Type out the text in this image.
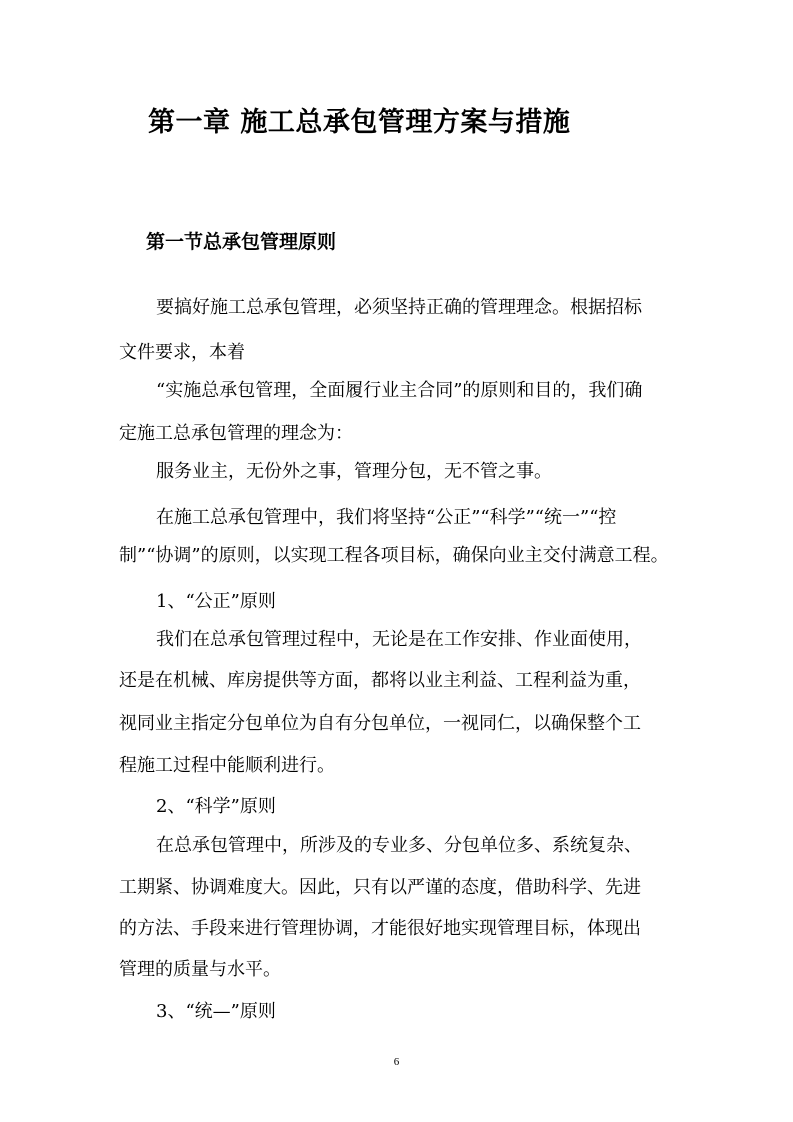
第一章 施工总承包管理方案与措施
第一节总承包管理原则

要搞好施工总承包管理，必须坚持正确的管理理念。根据招标

文件要求，本着

“实施总承包管理，全面履行业主合同”的原则和目的，我们确

定施工总承包管理的理念为：

服务业主，无份外之事，管理分包，无不管之事。

在施工总承包管理中，我们将坚持“公正”“科学”“统一”“控

制”“协调”的原则，以实现工程各项目标，确保向业主交付满意工程。

1、“公正”原则

我们在总承包管理过程中，无论是在工作安排、作业面使用，

还是在机械、库房提供等方面，都将以业主利益、工程利益为重，

视同业主指定分包单位为自有分包单位，一视同仁，以确保整个工

程施工过程中能顺利进行。

2、“科学”原则

在总承包管理中，所涉及的专业多、分包单位多、系统复杂、

工期紧、协调难度大。因此，只有以严谨的态度，借助科学、先进

的方法、手段来进行管理协调，才能很好地实现管理目标，体现出

管理的质量与水平。

3、“统—”原则

6
